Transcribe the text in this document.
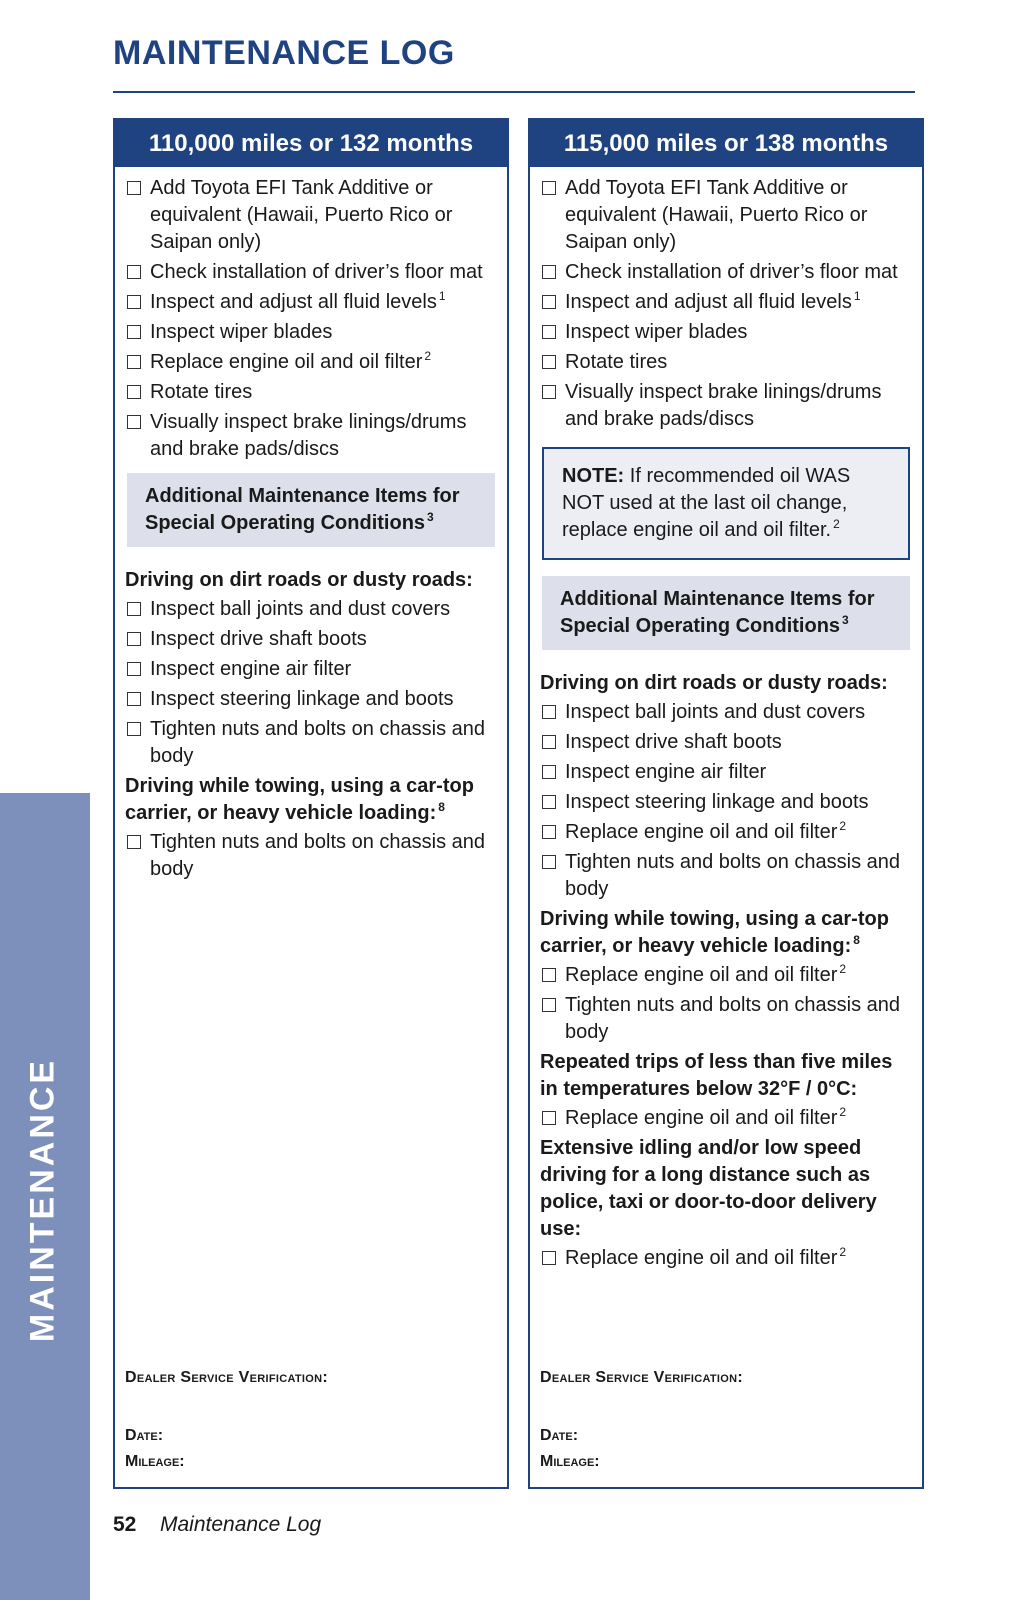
MAINTENANCE LOG
MAINTENANCE
110,000 miles or 132 months
Add Toyota EFI Tank Additive or equivalent (Hawaii, Puerto Rico or Saipan only)
Check installation of driver’s floor mat
Inspect and adjust all fluid levels $^1$
Inspect wiper blades
Replace engine oil and oil filter $^2$
Rotate tires
Visually inspect brake linings/drums and brake pads/discs
Additional Maintenance Items for Special Operating Conditions $^3$
Driving on dirt roads or dusty roads:
Inspect ball joints and dust covers
Inspect drive shaft boots
Inspect engine air filter
Inspect steering linkage and boots
Tighten nuts and bolts on chassis and body
Driving while towing, using a car-top carrier, or heavy vehicle loading: $^8$
Tighten nuts and bolts on chassis and body
Dealer Service Verification:
Date:
Mileage:
115,000 miles or 138 months
Add Toyota EFI Tank Additive or equivalent (Hawaii, Puerto Rico or Saipan only)
Check installation of driver’s floor mat
Inspect and adjust all fluid levels $^1$
Inspect wiper blades
Rotate tires
Visually inspect brake linings/drums and brake pads/discs
NOTE: If recommended oil WAS NOT used at the last oil change, replace engine oil and oil filter. $^2$
Additional Maintenance Items for Special Operating Conditions $^3$
Driving on dirt roads or dusty roads:
Inspect ball joints and dust covers
Inspect drive shaft boots
Inspect engine air filter
Inspect steering linkage and boots
Replace engine oil and oil filter $^2$
Tighten nuts and bolts on chassis and body
Driving while towing, using a car-top carrier, or heavy vehicle loading: $^8$
Replace engine oil and oil filter $^2$
Tighten nuts and bolts on chassis and body
Repeated trips of less than five miles in temperatures below 32°F / 0°C:
Replace engine oil and oil filter $^2$
Extensive idling and/or low speed driving for a long distance such as police, taxi or door-to-door delivery use:
Replace engine oil and oil filter $^2$
Dealer Service Verification:
Date:
Mileage:
52 Maintenance Log
